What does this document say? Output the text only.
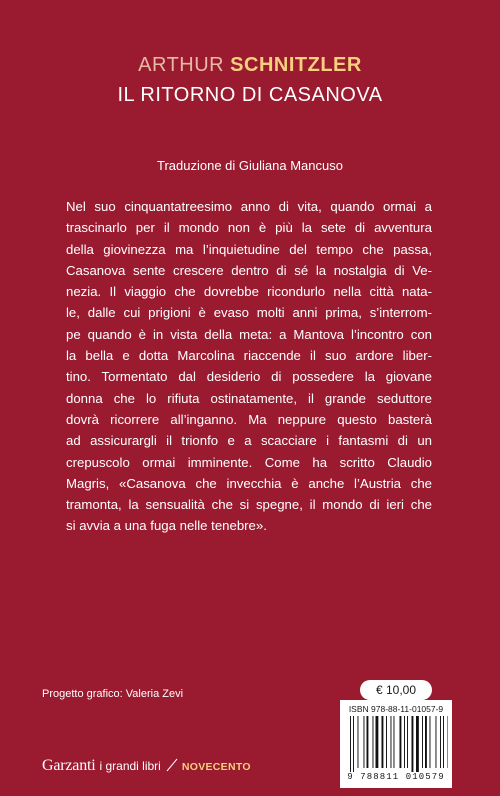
ARTHUR SCHNITZLER
IL RITORNO DI CASANOVA
Traduzione di Giuliana Mancuso
Nel suo cinquantatreesimo anno di vita, quando ormai a
trascinarlo per il mondo non è più la sete di avventura
della giovinezza ma l’inquietudine del tempo che passa,
Casanova sente crescere dentro di sé la nostalgia di Ve-
nezia. Il viaggio che dovrebbe ricondurlo nella città nata-
le, dalle cui prigioni è evaso molti anni prima, s’interrom-
pe quando è in vista della meta: a Mantova l’incontro con
la bella e dotta Marcolina riaccende il suo ardore liber-
tino. Tormentato dal desiderio di possedere la giovane
donna che lo rifiuta ostinatamente, il grande seduttore
dovrà ricorrere all’inganno. Ma neppure questo basterà
ad assicurargli il trionfo e a scacciare i fantasmi di un
crepuscolo ormai imminente. Come ha scritto Claudio
Magris, «Casanova che invecchia è anche l’Austria che
tramonta, la sensualità che si spegne, il mondo di ieri che
si avvia a una fuga nelle tenebre».
Progetto grafico: Valeria Zevi
Garzanti i grandi libri NOVECENTO
€ 10,00
ISBN 978-88-11-01057-9
9 788811 010579
